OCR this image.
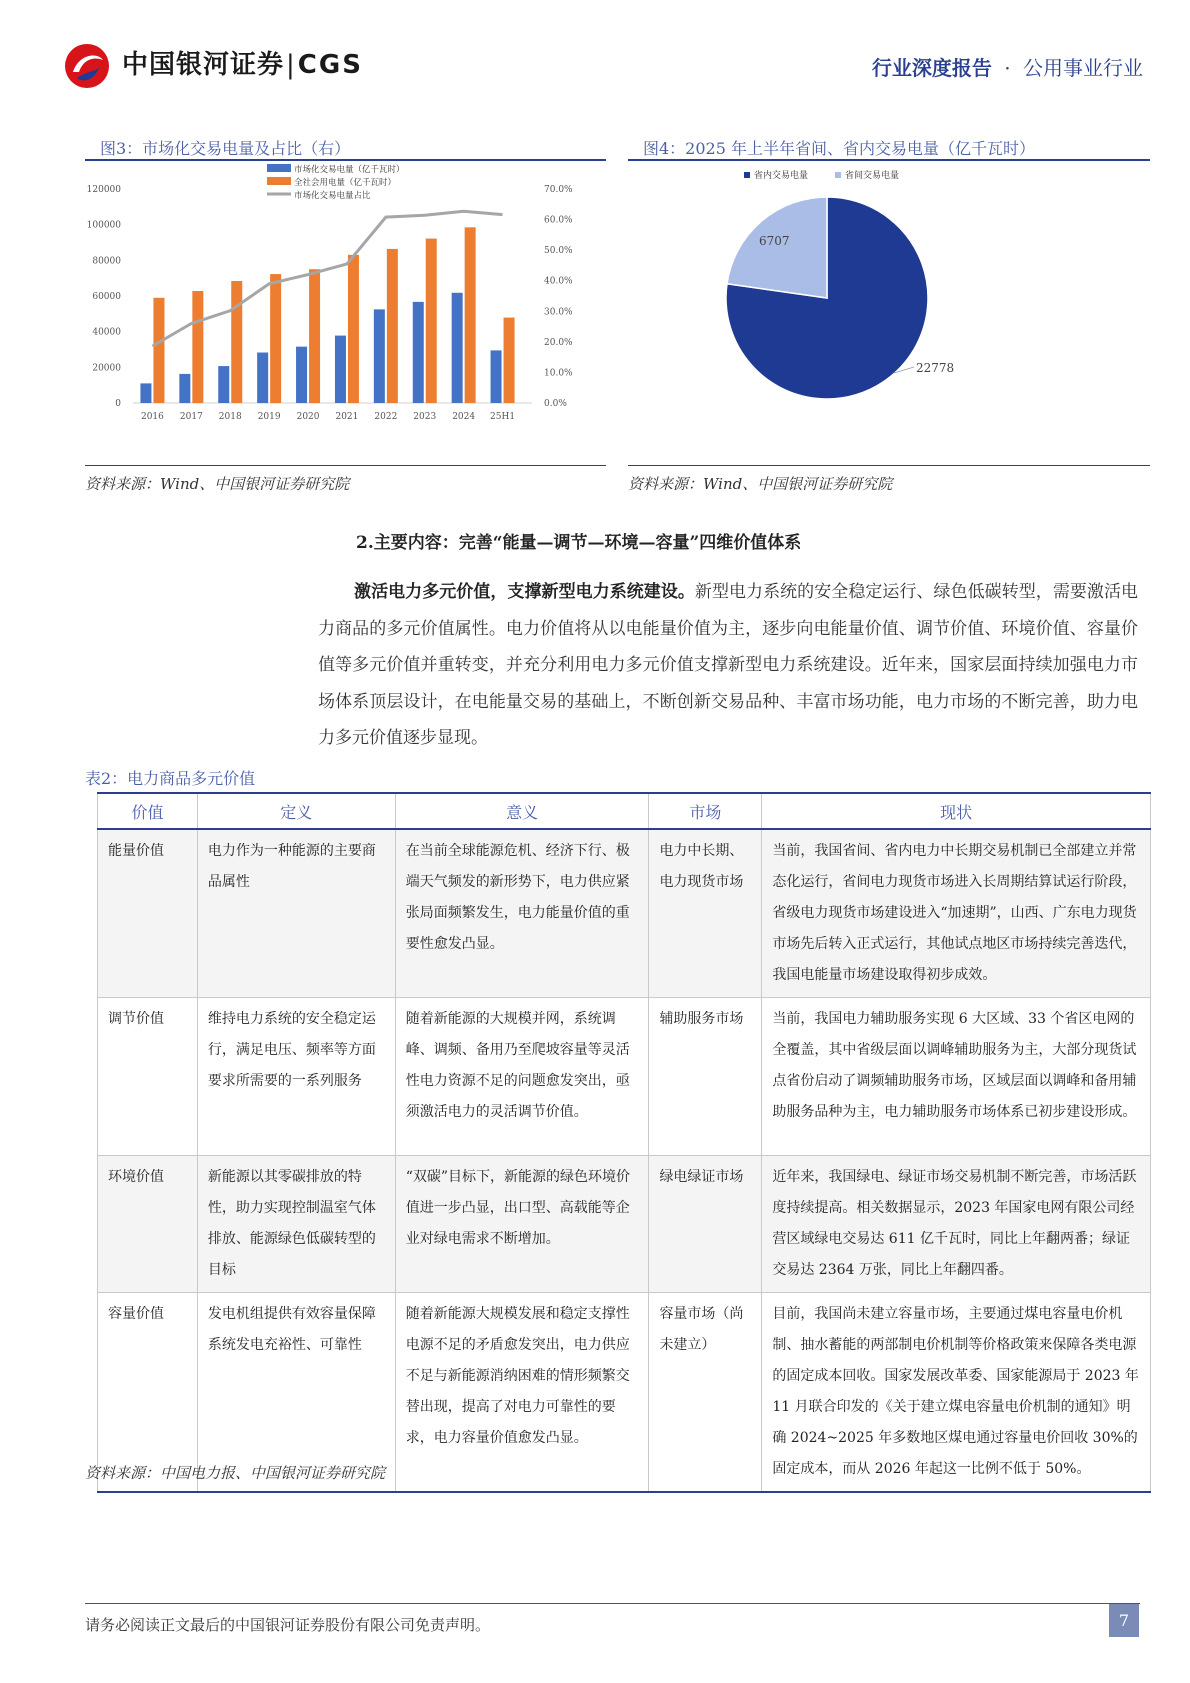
中国银河证券|CGS	行业深度报告 · 公用事业行业
图3：市场化交易电量及占比（右）
0
20000
40000
60000
80000
100000
120000
0.0%
10.0%
20.0%
30.0%
40.0%
50.0%
60.0%
70.0%
2016 2017 2018 2019 2020 2021 2022 2023 2024 25H1
市场化交易电量（亿千瓦时）
全社会用电量（亿千瓦时）
市场化交易电量占比
资料来源：Wind、中国银河证券研究院
图4：2025 年上半年省间、省内交易电量（亿千瓦时）
省内交易电量	省间交易电量
22778
6707
资料来源：Wind、中国银河证券研究院
2.主要内容：完善“能量—调节—环境—容量”四维价值体系
激活电力多元价值，支撑新型电力系统建设。新型电力系统的安全稳定运行、绿色低碳转型，需要激活电力商品的多元价值属性。电力价值将从以电能量价值为主，逐步向电能量价值、调节价值、环境价值、容量价值等多元价值并重转变，并充分利用电力多元价值支撑新型电力系统建设。近年来，国家层面持续加强电力市场体系顶层设计，在电能量交易的基础上，不断创新交易品种、丰富市场功能，电力市场的不断完善，助力电力多元价值逐步显现。
表2：电力商品多元价值
价值	定义	意义	市场	现状
能量价值	电力作为一种能源的主要商品属性	在当前全球能源危机、经济下行、极端天气频发的新形势下，电力供应紧张局面频繁发生，电力能量价值的重要性愈发凸显。	电力中长期、电力现货市场	当前，我国省间、省内电力中长期交易机制已全部建立并常态化运行，省间电力现货市场进入长周期结算试运行阶段，省级电力现货市场建设进入“加速期”，山西、广东电力现货市场先后转入正式运行，其他试点地区市场持续完善迭代，我国电能量市场建设取得初步成效。
调节价值	维持电力系统的安全稳定运行，满足电压、频率等方面要求所需要的一系列服务	随着新能源的大规模并网，系统调峰、调频、备用乃至爬坡容量等灵活性电力资源不足的问题愈发突出，亟须激活电力的灵活调节价值。	辅助服务市场	当前，我国电力辅助服务实现 6 大区域、33 个省区电网的全覆盖，其中省级层面以调峰辅助服务为主，大部分现货试点省份启动了调频辅助服务市场，区域层面以调峰和备用辅助服务品种为主，电力辅助服务市场体系已初步建设形成。
环境价值	新能源以其零碳排放的特性，助力实现控制温室气体排放、能源绿色低碳转型的目标	“双碳”目标下，新能源的绿色环境价值进一步凸显，出口型、高载能等企业对绿电需求不断增加。	绿电绿证市场	近年来，我国绿电、绿证市场交易机制不断完善，市场活跃度持续提高。相关数据显示，2023 年国家电网有限公司经营区域绿电交易达 611 亿千瓦时，同比上年翻两番；绿证交易达 2364 万张，同比上年翻四番。
容量价值	发电机组提供有效容量保障系统发电充裕性、可靠性	随着新能源大规模发展和稳定支撑性电源不足的矛盾愈发突出，电力供应不足与新能源消纳困难的情形频繁交替出现，提高了对电力可靠性的要求，电力容量价值愈发凸显。	容量市场（尚未建立）	目前，我国尚未建立容量市场，主要通过煤电容量电价机制、抽水蓄能的两部制电价机制等价格政策来保障各类电源的固定成本回收。国家发展改革委、国家能源局于 2023 年 11 月联合印发的《关于建立煤电容量电价机制的通知》明确 2024~2025 年多数地区煤电通过容量电价回收 30%的固定成本，而从 2026 年起这一比例不低于 50%。
资料来源：中国电力报、中国银河证券研究院
请务必阅读正文最后的中国银河证券股份有限公司免责声明。	7
